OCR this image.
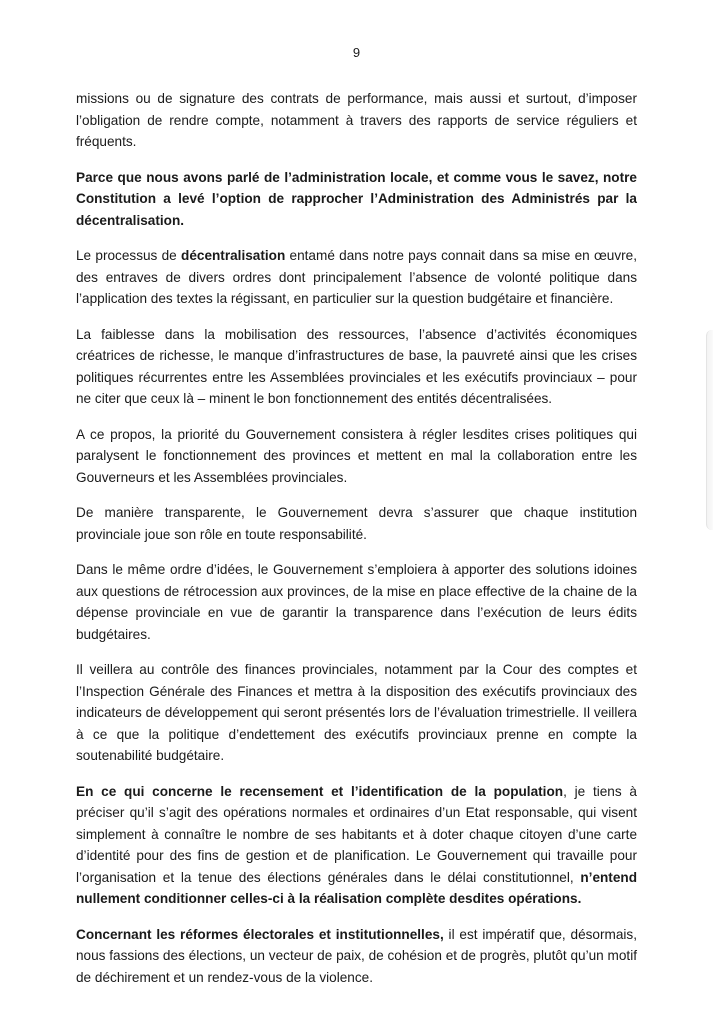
9

missions ou de signature des contrats de performance, mais aussi et surtout, d’imposer l’obligation de rendre compte, notamment à travers des rapports de service réguliers et fréquents.

Parce que nous avons parlé de l’administration locale, et comme vous le savez, notre Constitution a levé l’option de rapprocher l’Administration des Administrés par la décentralisation.

Le processus de décentralisation entamé dans notre pays connait dans sa mise en œuvre, des entraves de divers ordres dont principalement l’absence de volonté politique dans l’application des textes la régissant, en particulier sur la question budgétaire et financière.

La faiblesse dans la mobilisation des ressources, l’absence d’activités économiques créatrices de richesse, le manque d’infrastructures de base, la pauvreté ainsi que les crises politiques récurrentes entre les Assemblées provinciales et les exécutifs provinciaux – pour ne citer que ceux là – minent le bon fonctionnement des entités décentralisées.

A ce propos, la priorité du Gouvernement consistera à régler lesdites crises politiques qui paralysent le fonctionnement des provinces et mettent en mal la collaboration entre les Gouverneurs et les Assemblées provinciales.

De manière transparente, le Gouvernement devra s’assurer que chaque institution provinciale joue son rôle en toute responsabilité.

Dans le même ordre d’idées, le Gouvernement s’emploiera à apporter des solutions idoines aux questions de rétrocession aux provinces, de la mise en place effective de la chaine de la dépense provinciale en vue de garantir la transparence dans l’exécution de leurs édits budgétaires.

Il veillera au contrôle des finances provinciales, notamment par la Cour des comptes et l’Inspection Générale des Finances et mettra à la disposition des exécutifs provinciaux des indicateurs de développement qui seront présentés lors de l’évaluation trimestrielle. Il veillera à ce que la politique d’endettement des exécutifs provinciaux prenne en compte la soutenabilité budgétaire.

En ce qui concerne le recensement et l’identification de la population, je tiens à préciser qu’il s’agit des opérations normales et ordinaires d’un Etat responsable, qui visent simplement à connaître le nombre de ses habitants et à doter chaque citoyen d’une carte d’identité pour des fins de gestion et de planification. Le Gouvernement qui travaille pour l’organisation et la tenue des élections générales dans le délai constitutionnel, n’entend nullement conditionner celles-ci à la réalisation complète desdites opérations.

Concernant les réformes électorales et institutionnelles, il est impératif que, désormais, nous fassions des élections, un vecteur de paix, de cohésion et de progrès, plutôt qu’un motif de déchirement et un rendez-vous de la violence.
